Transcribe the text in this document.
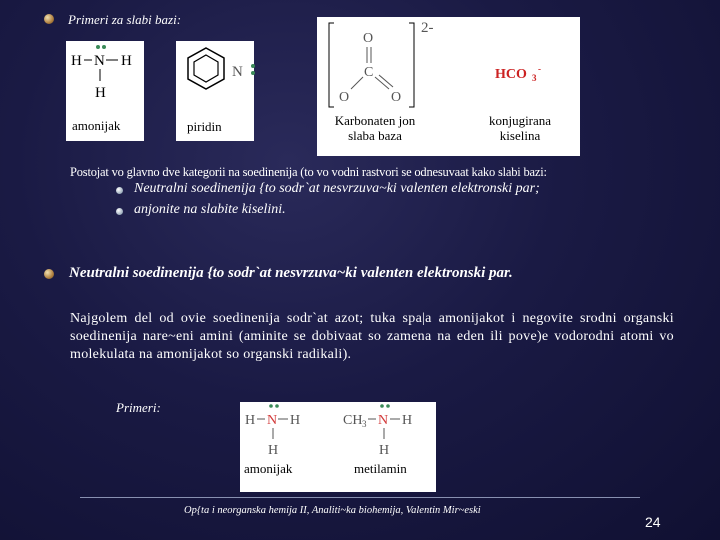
Primeri za slabi bazi:
H N H
H
amonijak
N
piridin
O
C
O	O
HCO 3
-
2-
Karbonaten jon
slaba baza
konjugirana
kiselina
Postojat vo glavno dve kategorii na soedinenija (to vo vodni rastvori se odnesuvaat kako slabi bazi:
Neutralni soedinenija {to sodr`at nesvrzuva~ki valenten elektronski par;
anjonite na slabite kiselini.
Neutralni soedinenija {to sodr`at nesvrzuva~ki valenten elektronski par.
Najgolem del od ovie soedinenija sodr`at azot; tuka spa|a amonijakot i negovite srodni organski soedinenija nare~eni amini (aminite se dobivaat so zamena na eden ili pove)e vodorodni atomi vo molekulata na amonijakot so organski radikali).
Primeri:
H N H
H
CH 3 N H
H
amonijak	metilamin
Op{ta i neorganska hemija II, Analiti~ka biohemija, Valentin Mir~eski
24
